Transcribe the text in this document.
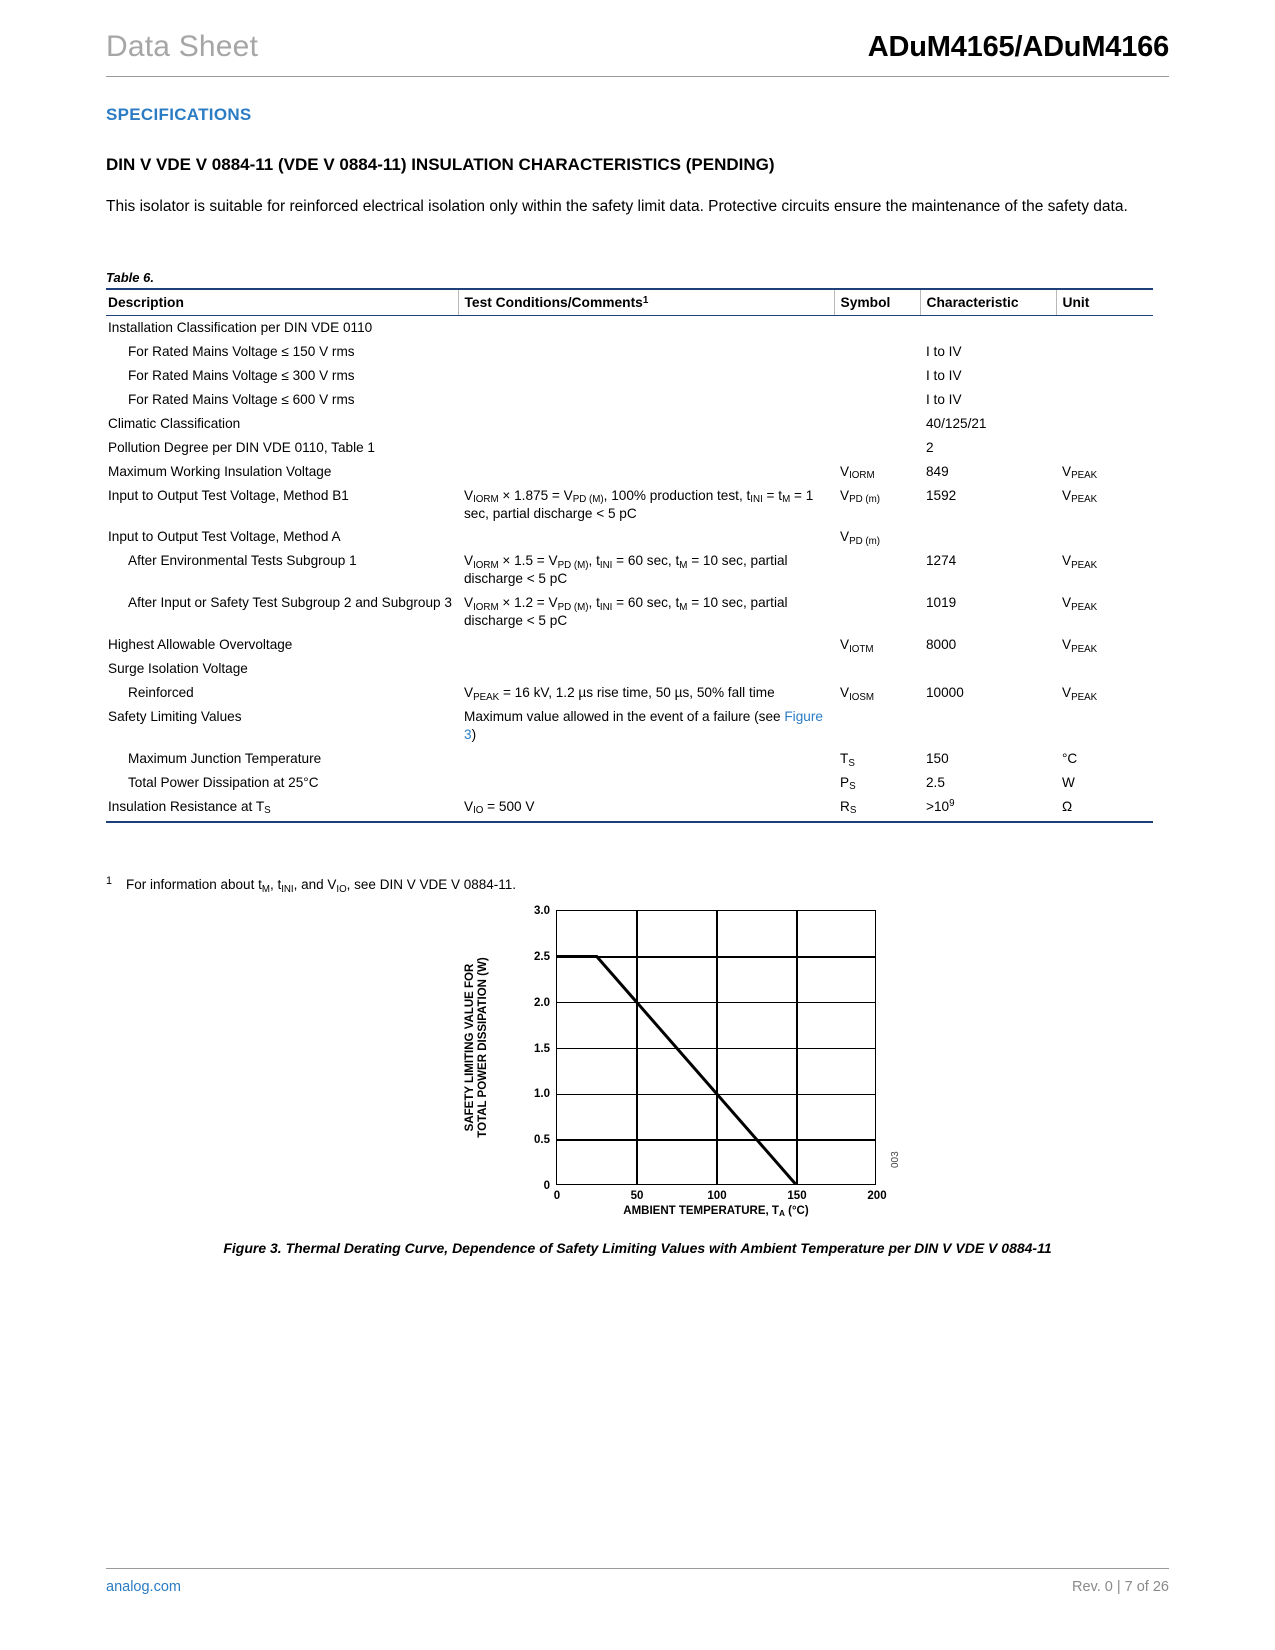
Data Sheet	ADuM4165/ADuM4166
SPECIFICATIONS
DIN V VDE V 0884-11 (VDE V 0884-11) INSULATION CHARACTERISTICS (PENDING)
This isolator is suitable for reinforced electrical isolation only within the safety limit data. Protective circuits ensure the maintenance of the safety data.
Table 6.
Description	Test Conditions/Comments$^1$	Symbol	Characteristic	Unit
Installation Classification per DIN VDE 0110				
For Rated Mains Voltage ≤ 150 V rms			I to IV	
For Rated Mains Voltage ≤ 300 V rms			I to IV	
For Rated Mains Voltage ≤ 600 V rms			I to IV	
Climatic Classification			40/125/21	
Pollution Degree per DIN VDE 0110, Table 1			2	
Maximum Working Insulation Voltage		$V_{IORM}$	849	$V_{PEAK}$
Input to Output Test Voltage, Method B1	$V_{IORM} \times 1.875 = V_{PD (M)}$, 100% production test, $t_{INI} = t_M = 1$ sec, partial discharge < 5 pC	$V_{PD (m)}$	1592	$V_{PEAK}$
Input to Output Test Voltage, Method A		$V_{PD (m)}$		
After Environmental Tests Subgroup 1	$V_{IORM} \times 1.5 = V_{PD (M)}$, $t_{INI} = 60$ sec, $t_M = 10$ sec, partial discharge < 5 pC		1274	$V_{PEAK}$
After Input or Safety Test Subgroup 2 and Subgroup 3	$V_{IORM} \times 1.2 = V_{PD (M)}$, $t_{INI} = 60$ sec, $t_M = 10$ sec, partial discharge < 5 pC		1019	$V_{PEAK}$
Highest Allowable Overvoltage		$V_{IOTM}$	8000	$V_{PEAK}$
Surge Isolation Voltage				
Reinforced	$V_{PEAK} = 16$ kV, 1.2 µs rise time, 50 µs, 50% fall time	$V_{IOSM}$	10000	$V_{PEAK}$
Safety Limiting Values	Maximum value allowed in the event of a failure (see Figure 3)			
Maximum Junction Temperature		$T_S$	150	°C
Total Power Dissipation at 25°C		$P_S$	2.5	W
Insulation Resistance at $T_S$	$V_{IO} = 500$ V	$R_S$	$>10^9$	Ω
$^1$ For information about $t_M$, $t_{INI}$, and $V_{IO}$, see DIN V VDE V 0884-11.
SAFETY LIMITING VALUE FOR
TOTAL POWER DISSIPATION (W)
0	50	100	150	200
0
0.5
1.0
1.5
2.0
2.5
3.0
AMBIENT TEMPERATURE, $T_A$ (°C)
003
Figure 3. Thermal Derating Curve, Dependence of Safety Limiting Values with Ambient Temperature per DIN V VDE V 0884-11
analog.com	Rev. 0 | 7 of 26
